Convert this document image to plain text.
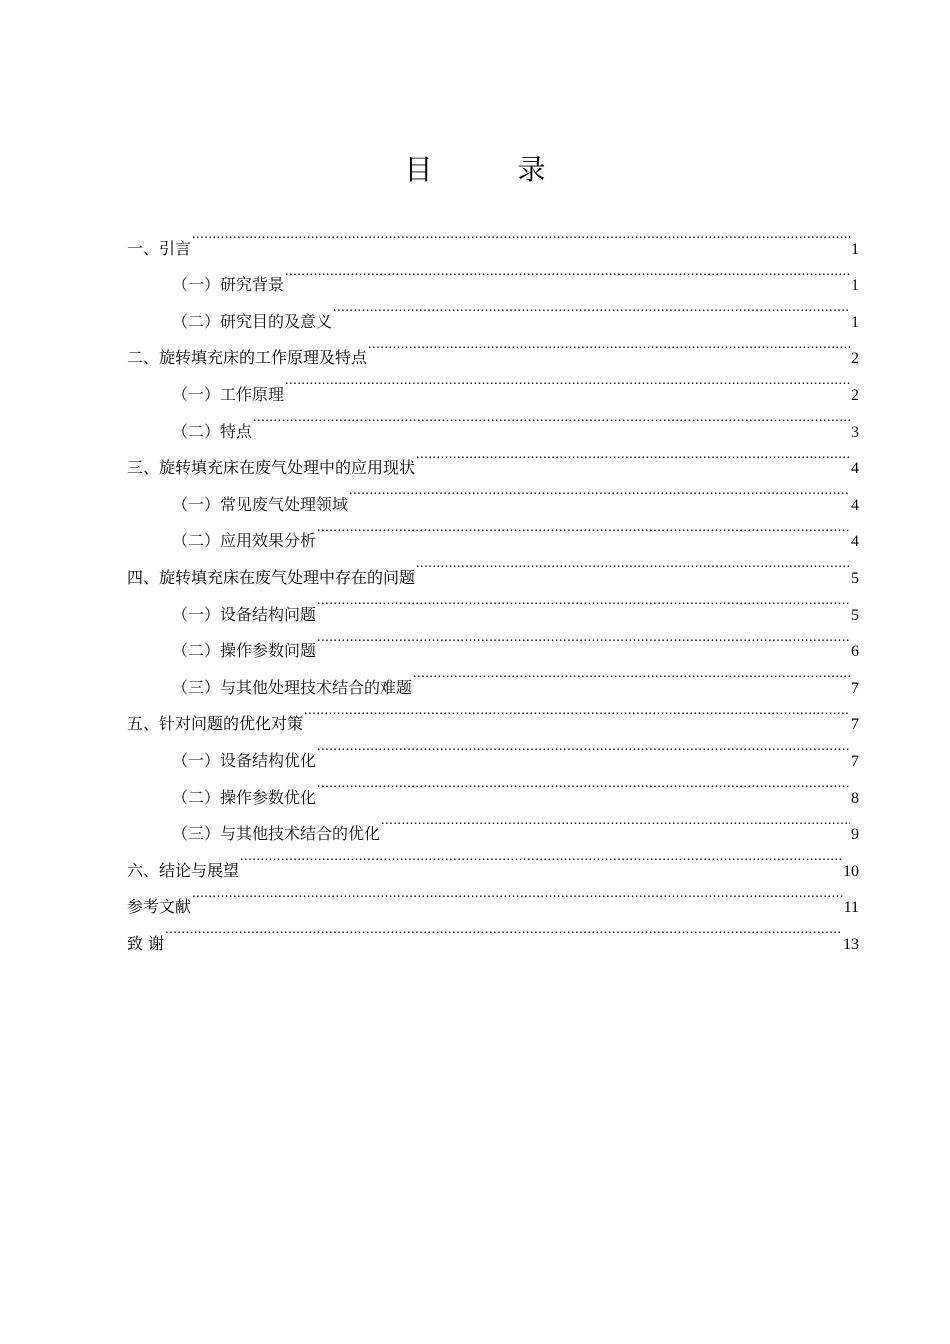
目 录
一、引言 .....	1
（一）研究背景 .....	1
（二）研究目的及意义 .....	1
二、旋转填充床的工作原理及特点 .....	2
（一）工作原理 .....	2
（二）特点 .....	3
三、旋转填充床在废气处理中的应用现状 .....	4
（一）常见废气处理领域 .....	4
（二）应用效果分析 .....	4
四、旋转填充床在废气处理中存在的问题 .....	5
（一）设备结构问题 .....	5
（二）操作参数问题 .....	6
（三）与其他处理技术结合的难题 .....	7
五、针对问题的优化对策 .....	7
（一）设备结构优化 .....	7
（二）操作参数优化 .....	8
（三）与其他技术结合的优化 .....	9
六、结论与展望 .....	10
参考文献 .....	11
致 谢 .....	13
